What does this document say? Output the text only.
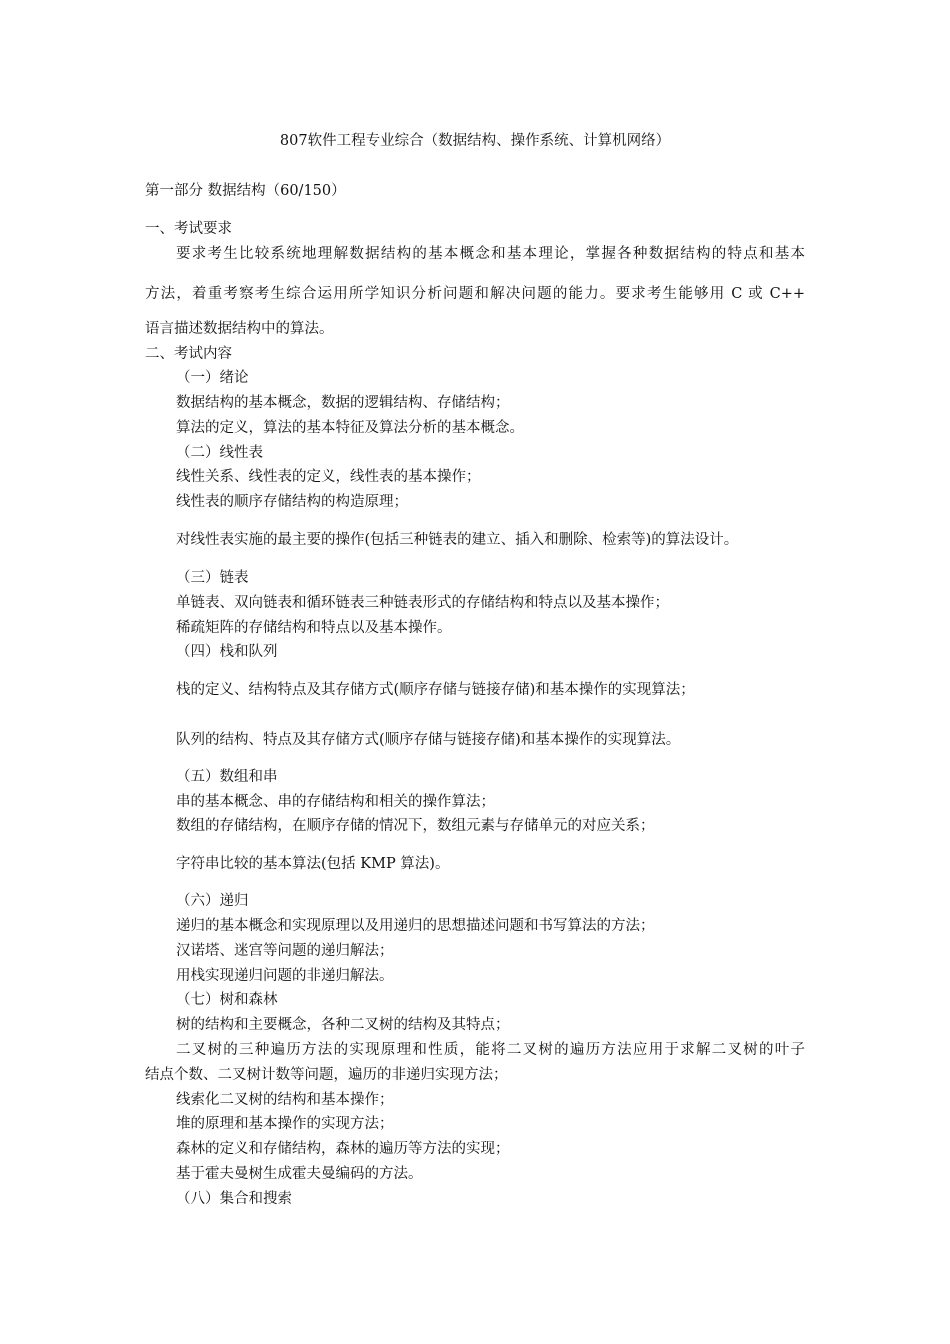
807软件工程专业综合（数据结构、操作系统、计算机网络）
第一部分 数据结构（60/150）
一、考试要求
要求考生比较系统地理解数据结构的基本概念和基本理论，掌握各种数据结构的特点和基本
方法，着重考察考生综合运用所学知识分析问题和解决问题的能力。要求考生能够用 C 或 C++
语言描述数据结构中的算法。
二、考试内容
（一）绪论
数据结构的基本概念，数据的逻辑结构、存储结构；
算法的定义，算法的基本特征及算法分析的基本概念。
（二）线性表
线性关系、线性表的定义，线性表的基本操作；
线性表的顺序存储结构的构造原理；
对线性表实施的最主要的操作(包括三种链表的建立、插入和删除、检索等)的算法设计。
（三）链表
单链表、双向链表和循环链表三种链表形式的存储结构和特点以及基本操作；
稀疏矩阵的存储结构和特点以及基本操作。
（四）栈和队列
栈的定义、结构特点及其存储方式(顺序存储与链接存储)和基本操作的实现算法；
队列的结构、特点及其存储方式(顺序存储与链接存储)和基本操作的实现算法。
（五）数组和串
串的基本概念、串的存储结构和相关的操作算法；
数组的存储结构，在顺序存储的情况下，数组元素与存储单元的对应关系；
字符串比较的基本算法(包括 KMP 算法)。
（六）递归
递归的基本概念和实现原理以及用递归的思想描述问题和书写算法的方法；
汉诺塔、迷宫等问题的递归解法；
用栈实现递归问题的非递归解法。
（七）树和森林
树的结构和主要概念，各种二叉树的结构及其特点；
二叉树的三种遍历方法的实现原理和性质，能将二叉树的遍历方法应用于求解二叉树的叶子
结点个数、二叉树计数等问题，遍历的非递归实现方法；
线索化二叉树的结构和基本操作；
堆的原理和基本操作的实现方法；
森林的定义和存储结构，森林的遍历等方法的实现；
基于霍夫曼树生成霍夫曼编码的方法。
（八）集合和搜索
